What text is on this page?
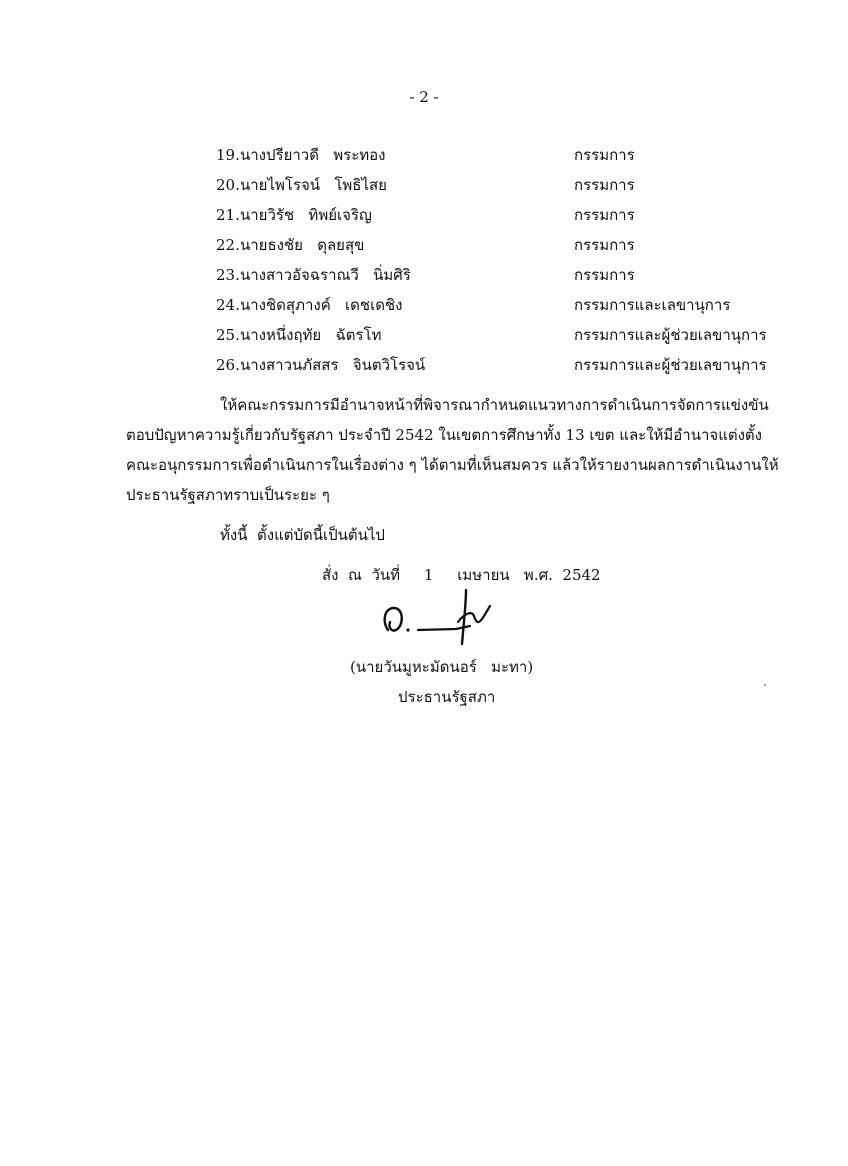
- 2 -
19. นางปรียาวดี   พระทอง	กรรมการ
20. นายไพโรจน์   โพธิไสย	กรรมการ
21. นายวิรัช   ทิพย์เจริญ	กรรมการ
22. นายธงชัย   ดุลยสุข	กรรมการ
23. นางสาวอัจฉราณวี   นิ่มศิริ	กรรมการ
24. นางชิดสุภางค์   เดชเดชิง	กรรมการและเลขานุการ
25. นางหนึ่งฤทัย   ฉัตรโท	กรรมการและผู้ช่วยเลขานุการ
26. นางสาวนภัสสร   จินตวิโรจน์	กรรมการและผู้ช่วยเลขานุการ
ให้คณะกรรมการมีอำนาจหน้าที่พิจารณากำหนดแนวทางการดำเนินการจัดการแข่งขัน
ตอบปัญหาความรู้เกี่ยวกับรัฐสภา ประจำปี 2542 ในเขตการศึกษาทั้ง 13 เขต และให้มีอำนาจแต่งตั้ง
คณะอนุกรรมการเพื่อดำเนินการในเรื่องต่าง ๆ ได้ตามที่เห็นสมควร แล้วให้รายงานผลการดำเนินงานให้
ประธานรัฐสภาทราบเป็นระยะ ๆ
ทั้งนี้  ตั้งแต่บัดนี้เป็นต้นไป
สั่ง  ณ  วันที่     1     เมษายน   พ.ศ.  2542
(นายวันมูหะมัดนอร์   มะทา)
ประธานรัฐสภา
